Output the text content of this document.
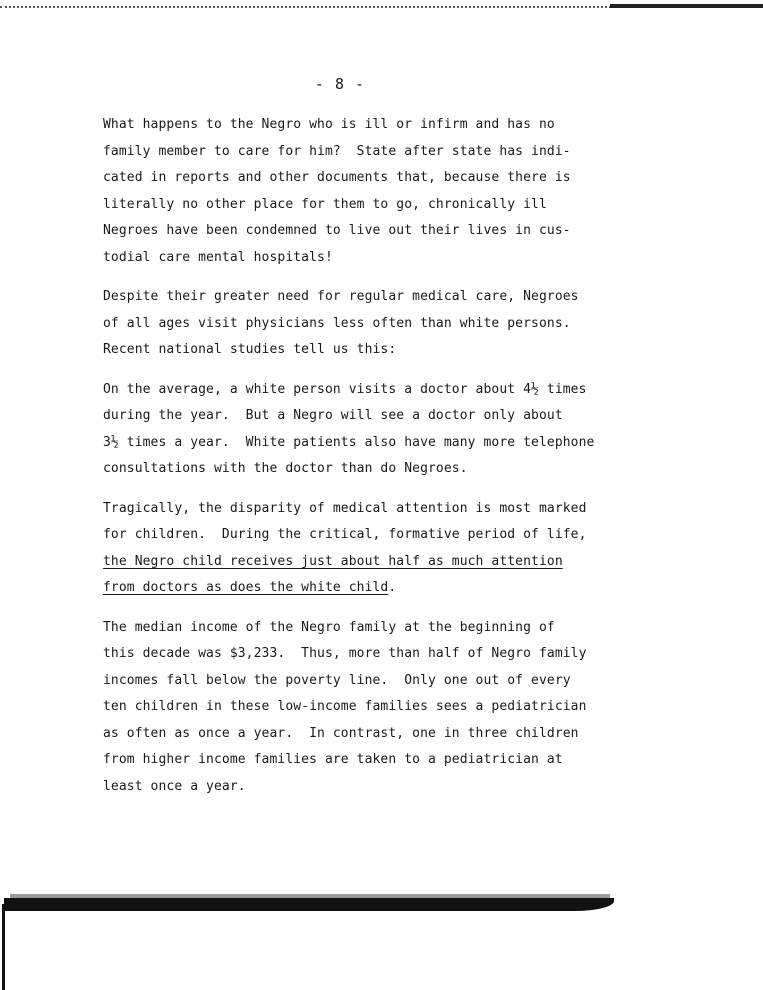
- 8 -

What happens to the Negro who is ill or infirm and has no
family member to care for him?  State after state has indi-
cated in reports and other documents that, because there is
literally no other place for them to go, chronically ill
Negroes have been condemned to live out their lives in cus-
todial care mental hospitals!

Despite their greater need for regular medical care, Negroes
of all ages visit physicians less often than white persons.
Recent national studies tell us this:

On the average, a white person visits a doctor about 4½ times
during the year.  But a Negro will see a doctor only about
3½ times a year.  White patients also have many more telephone
consultations with the doctor than do Negroes.

Tragically, the disparity of medical attention is most marked
for children.  During the critical, formative period of life,
the Negro child receives just about half as much attention
from doctors as does the white child.

The median income of the Negro family at the beginning of
this decade was $3,233.  Thus, more than half of Negro family
incomes fall below the poverty line.  Only one out of every
ten children in these low-income families sees a pediatrician
as often as once a year.  In contrast, one in three children
from higher income families are taken to a pediatrician at
least once a year.
